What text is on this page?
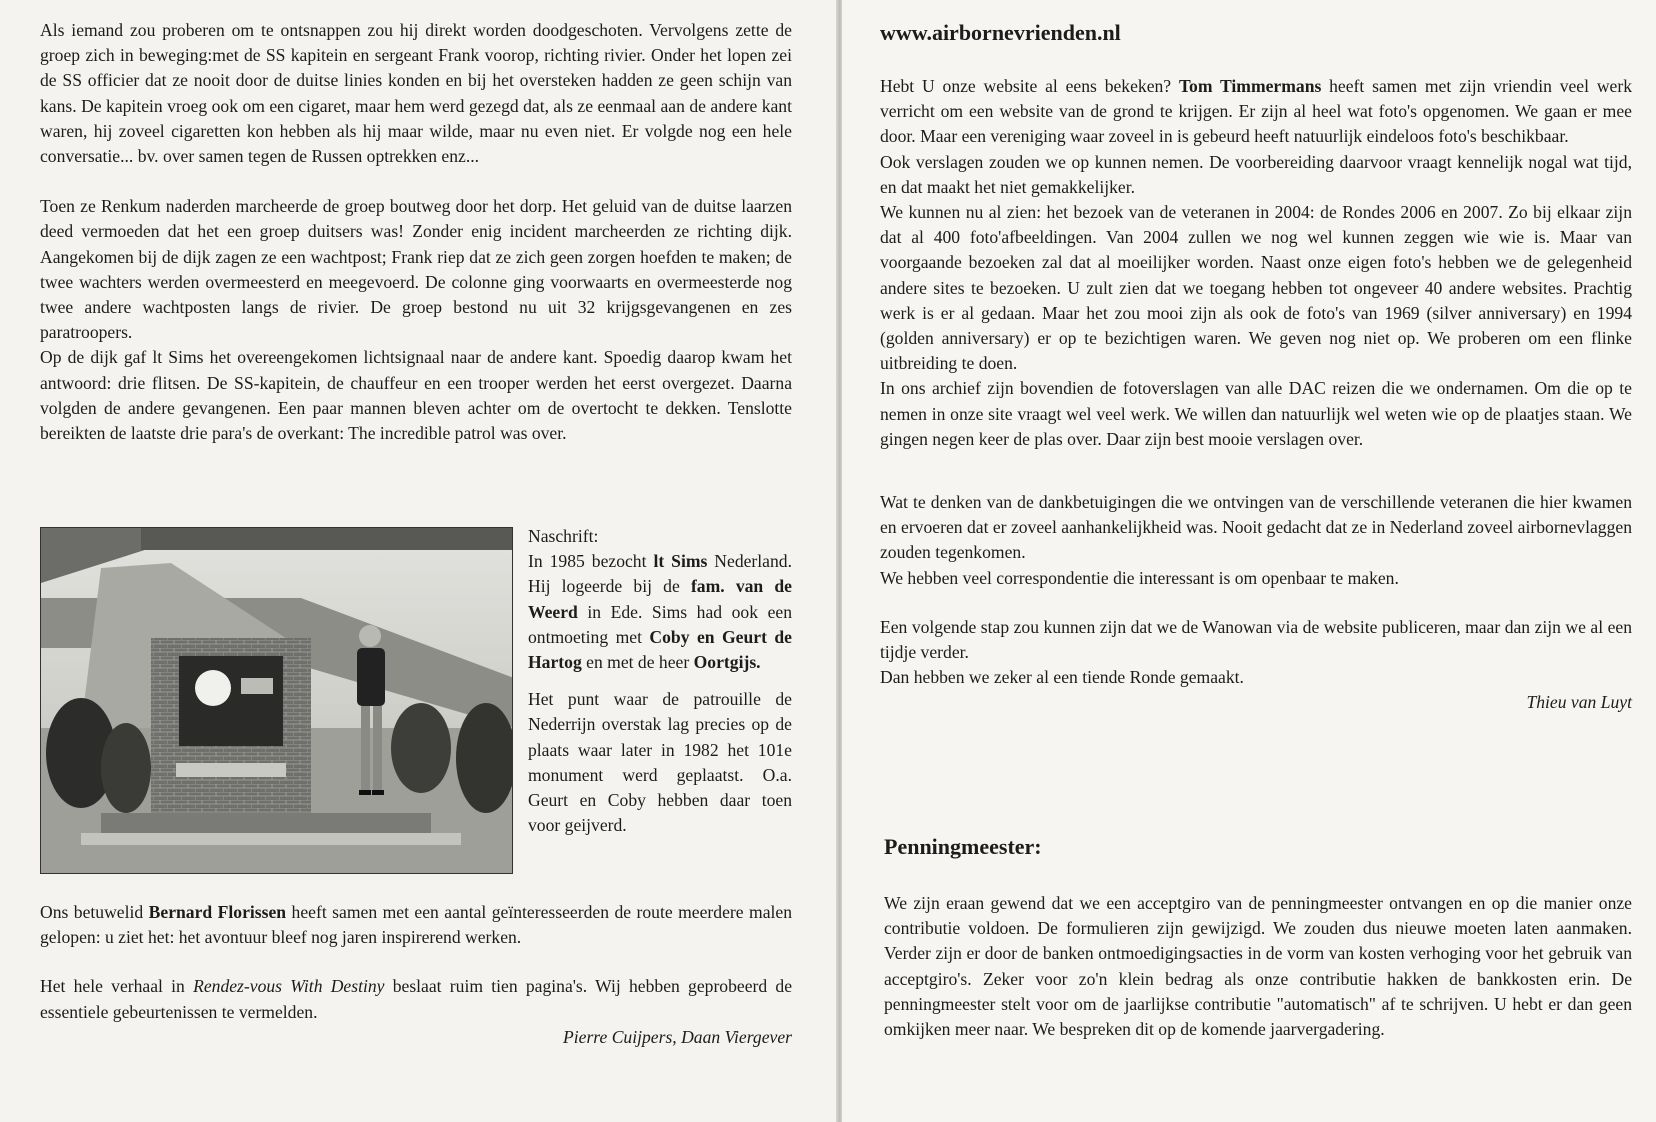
Als iemand zou proberen om te ontsnappen zou hij direkt worden doodgeschoten. Vervolgens zette de groep zich in beweging:met de SS kapitein en sergeant Frank voorop, richting rivier. Onder het lopen zei de SS officier dat ze nooit door de duitse linies konden en bij het oversteken hadden ze geen schijn van kans. De kapitein vroeg ook om een cigaret, maar hem werd gezegd dat, als ze eenmaal aan de andere kant waren, hij zoveel cigaretten kon hebben als hij maar wilde, maar nu even niet. Er volgde nog een hele conversatie... bv. over samen tegen de Russen optrekken enz...

Toen ze Renkum naderden marcheerde de groep boutweg door het dorp. Het geluid van de duitse laarzen deed vermoeden dat het een groep duitsers was! Zonder enig incident marcheerden ze richting dijk. Aangekomen bij de dijk zagen ze een wachtpost; Frank riep dat ze zich geen zorgen hoefden te maken; de twee wachters werden overmeesterd en meegevoerd. De colonne ging voorwaarts en overmeesterde nog twee andere wachtposten langs de rivier. De groep bestond nu uit 32 krijgsgevangenen en zes paratroopers.

Op de dijk gaf lt Sims het overeengekomen lichtsignaal naar de andere kant. Spoedig daarop kwam het antwoord: drie flitsen. De SS-kapitein, de chauffeur en een trooper werden het eerst overgezet. Daarna volgden de andere gevangenen. Een paar mannen bleven achter om de overtocht te dekken. Tenslotte bereikten de laatste drie para's de overkant: The incredible patrol was over.

Naschrift:

In 1985 bezocht lt Sims Nederland. Hij logeerde bij de fam. van de Weerd in Ede. Sims had ook een ontmoeting met Coby en Geurt de Hartog en met de heer Oortgijs.

Het punt waar de patrouille de Nederrijn overstak lag precies op de plaats waar later in 1982 het 101e monument werd geplaatst. O.a. Geurt en Coby hebben daar toen voor geijverd.

Ons betuwelid Bernard Florissen heeft samen met een aantal geïnteresseerden de route meerdere malen gelopen: u ziet het: het avontuur bleef nog jaren inspirerend werken.

Het hele verhaal in Rendez-vous With Destiny beslaat ruim tien pagina's. Wij hebben geprobeerd de essentiele gebeurtenissen te vermelden.

Pierre Cuijpers, Daan Viergever

www.airbornevrienden.nl

Hebt U onze website al eens bekeken? Tom Timmermans heeft samen met zijn vriendin veel werk verricht om een website van de grond te krijgen. Er zijn al heel wat foto's opgenomen. We gaan er mee door. Maar een vereniging waar zoveel in is gebeurd heeft natuurlijk eindeloos foto's beschikbaar.

Ook verslagen zouden we op kunnen nemen. De voorbereiding daarvoor vraagt kennelijk nogal wat tijd, en dat maakt het niet gemakkelijker.

We kunnen nu al zien: het bezoek van de veteranen in 2004: de Rondes 2006 en 2007. Zo bij elkaar zijn dat al 400 foto'afbeeldingen. Van 2004 zullen we nog wel kunnen zeggen wie wie is. Maar van voorgaande bezoeken zal dat al moeilijker worden. Naast onze eigen foto's hebben we de gelegenheid andere sites te bezoeken. U zult zien dat we toegang hebben tot ongeveer 40 andere websites. Prachtig werk is er al gedaan. Maar het zou mooi zijn als ook de foto's van 1969 (silver anniversary) en 1994 (golden anniversary) er op te bezichtigen waren. We geven nog niet op. We proberen om een flinke uitbreiding te doen.

In ons archief zijn bovendien de fotoverslagen van alle DAC reizen die we ondernamen. Om die op te nemen in onze site vraagt wel veel werk. We willen dan natuurlijk wel weten wie op de plaatjes staan. We gingen negen keer de plas over. Daar zijn best mooie verslagen over.

Wat te denken van de dankbetuigingen die we ontvingen van de verschillende veteranen die hier kwamen en ervoeren dat er zoveel aanhankelijkheid was. Nooit gedacht dat ze in Nederland zoveel airbornevlaggen zouden tegenkomen.

We hebben veel correspondentie die interessant is om openbaar te maken.

Een volgende stap zou kunnen zijn dat we de Wanowan via de website publiceren, maar dan zijn we al een tijdje verder.

Dan hebben we zeker al een tiende Ronde gemaakt.

Thieu van Luyt

Penningmeester:

We zijn eraan gewend dat we een acceptgiro van de penningmeester ontvangen en op die manier onze contributie voldoen. De formulieren zijn gewijzigd. We zouden dus nieuwe moeten laten aanmaken. Verder zijn er door de banken ontmoedigingsacties in de vorm van kosten verhoging voor het gebruik van acceptgiro's. Zeker voor zo'n klein bedrag als onze contributie hakken de bankkosten erin. De penningmeester stelt voor om de jaarlijkse contributie "automatisch" af te schrijven. U hebt er dan geen omkijken meer naar. We bespreken dit op de komende jaarvergadering.
